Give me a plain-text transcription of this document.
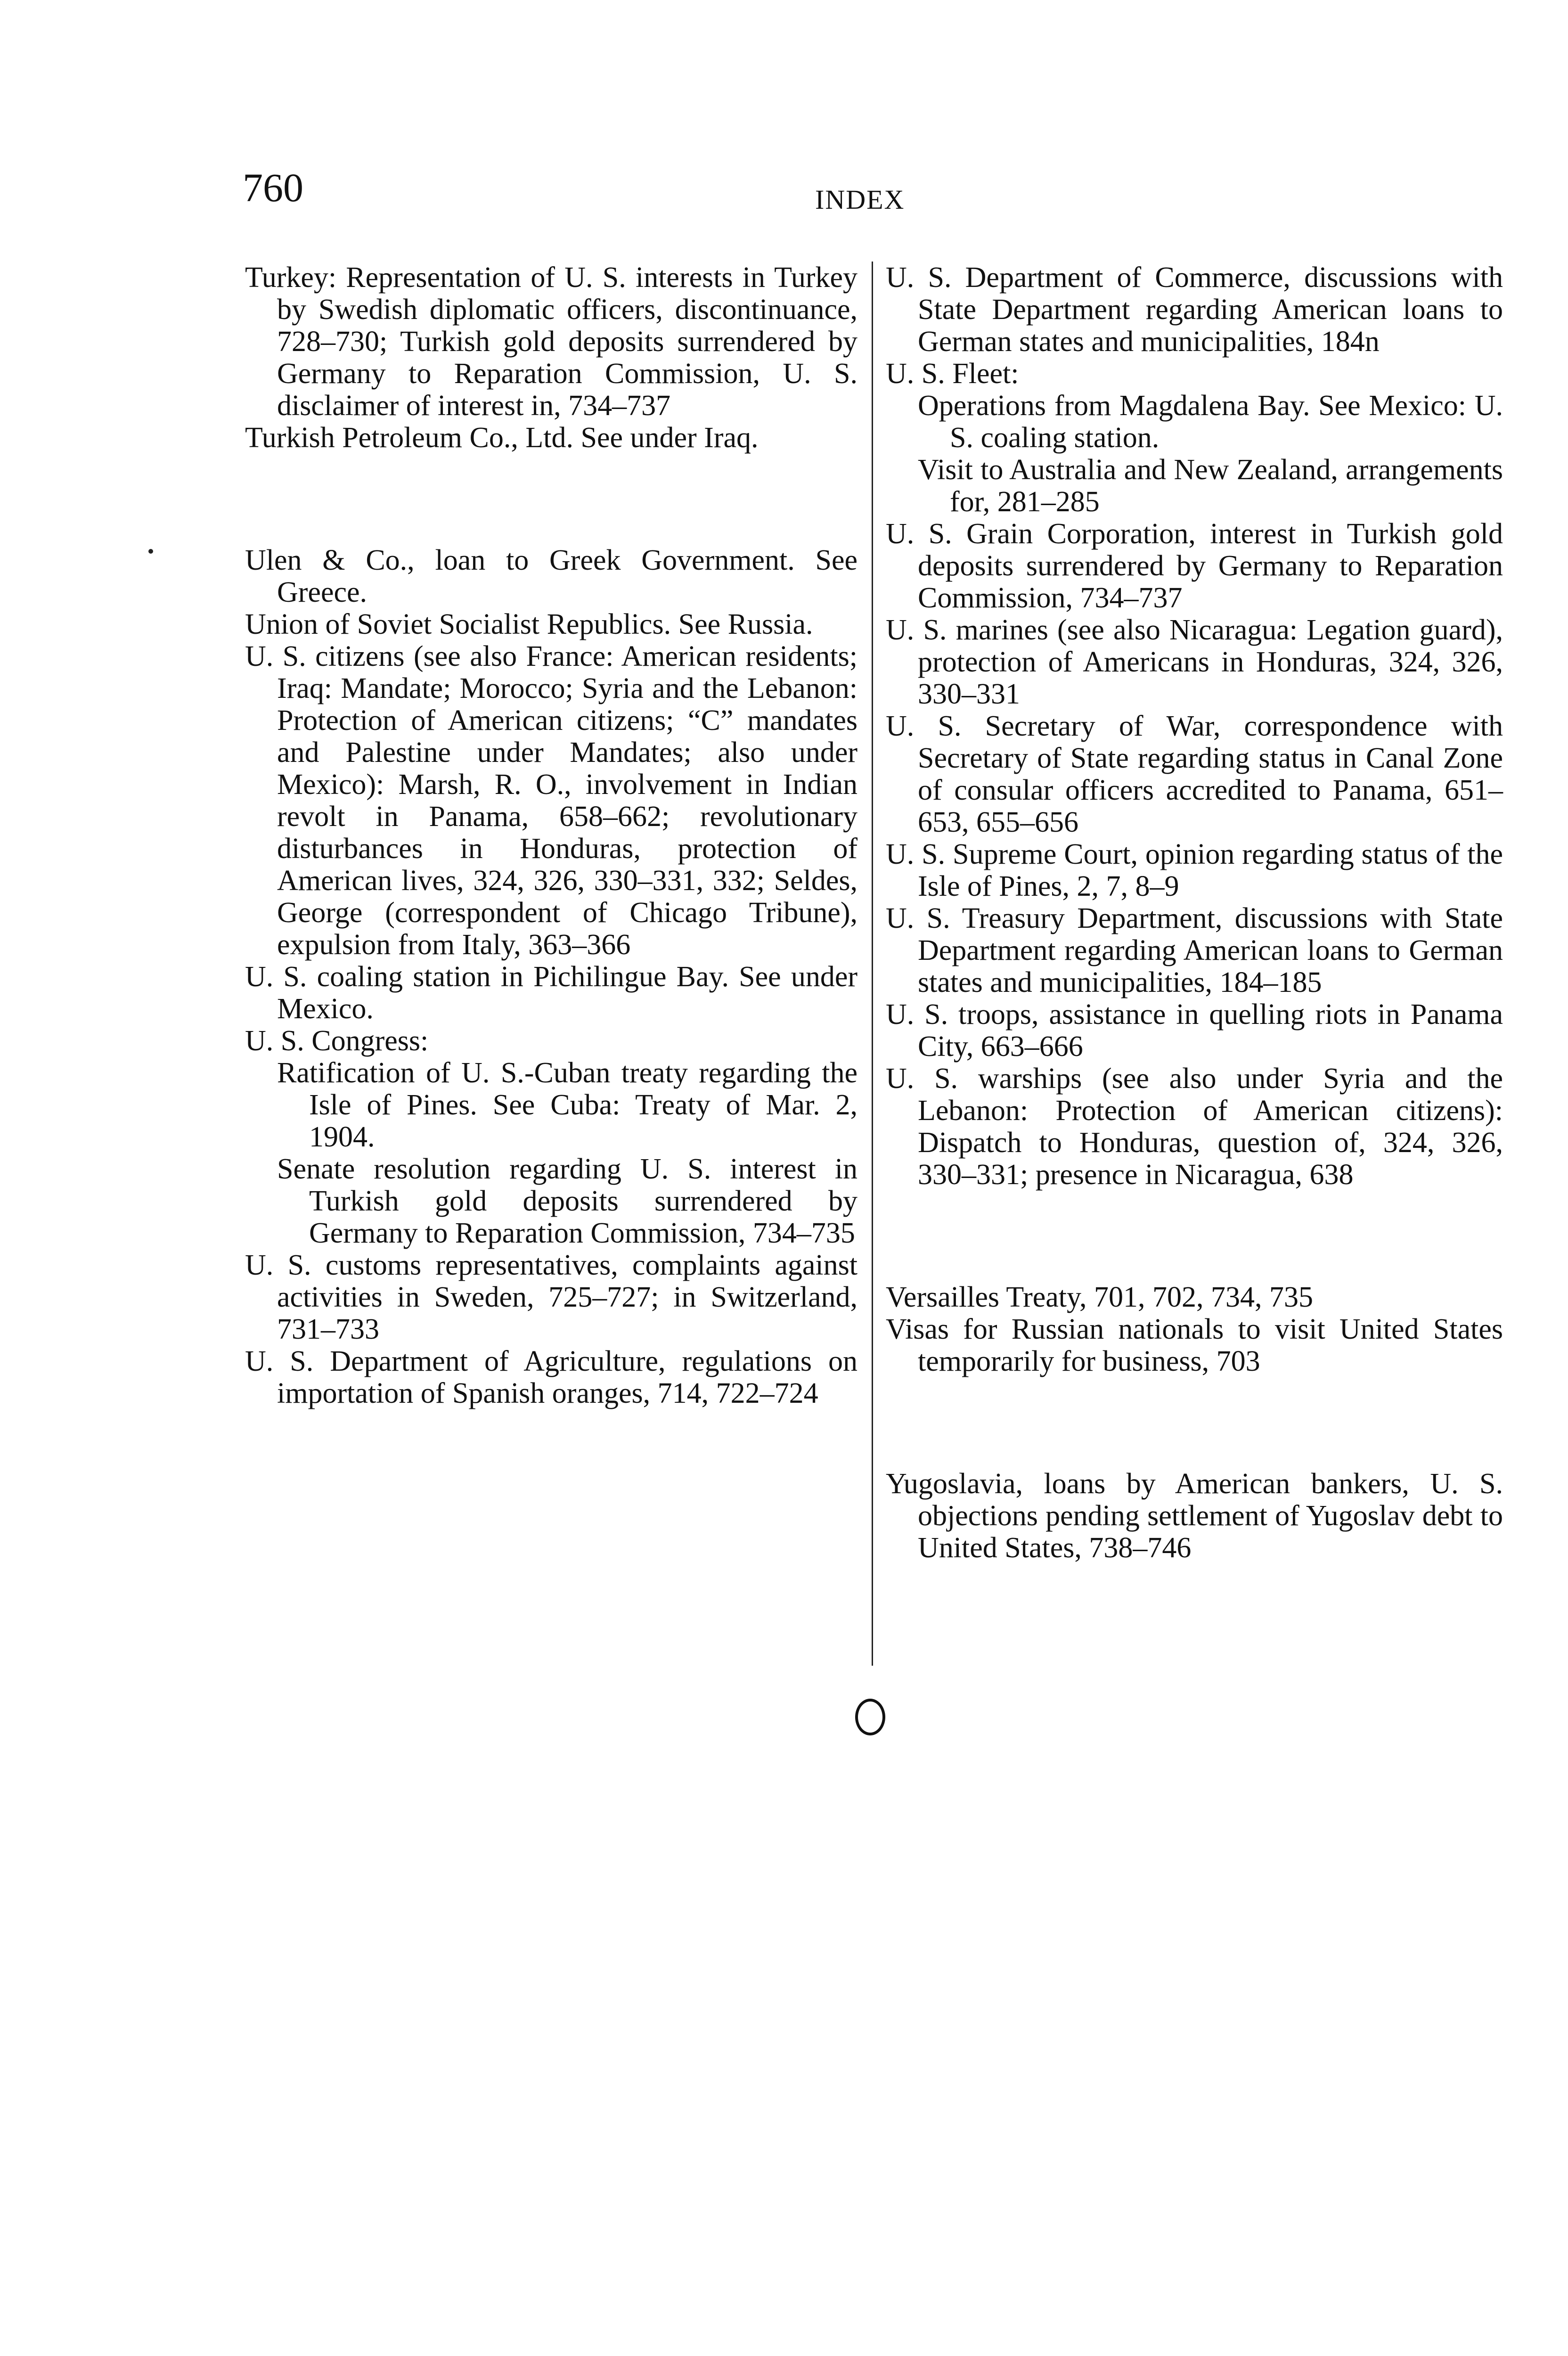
760	INDEX

Turkey: Representation of U. S. interests in Turkey by Swedish diplomatic officers, discontinuance, 728–730; Turkish gold deposits surrendered by Germany to Reparation Commission, U. S. disclaimer of interest in, 734–737

Turkish Petroleum Co., Ltd. See under Iraq.

Ulen & Co., loan to Greek Government. See Greece.

Union of Soviet Socialist Republics. See Russia.

U. S. citizens (see also France: American residents; Iraq: Mandate; Morocco; Syria and the Lebanon: Protection of American citizens; “C” mandates and Palestine under Mandates; also under Mexico): Marsh, R. O., involvement in Indian revolt in Panama, 658–662; revolutionary disturbances in Honduras, protection of American lives, 324, 326, 330–331, 332; Seldes, George (correspondent of Chicago Tribune), expulsion from Italy, 363–366

U. S. coaling station in Pichilingue Bay. See under Mexico.

U. S. Congress:

Ratification of U. S.-Cuban treaty regarding the Isle of Pines. See Cuba: Treaty of Mar. 2, 1904.

Senate resolution regarding U. S. interest in Turkish gold deposits surrendered by Germany to Reparation Commission, 734–735

U. S. customs representatives, complaints against activities in Sweden, 725–727; in Switzerland, 731–733

U. S. Department of Agriculture, regulations on importation of Spanish oranges, 714, 722–724

U. S. Department of Commerce, discussions with State Department regarding American loans to German states and municipalities, 184n

U. S. Fleet:

Operations from Magdalena Bay. See Mexico: U. S. coaling station.

Visit to Australia and New Zealand, arrangements for, 281–285

U. S. Grain Corporation, interest in Turkish gold deposits surrendered by Germany to Reparation Commission, 734–737

U. S. marines (see also Nicaragua: Legation guard), protection of Americans in Honduras, 324, 326, 330–331

U. S. Secretary of War, correspondence with Secretary of State regarding status in Canal Zone of consular officers accredited to Panama, 651–653, 655–656

U. S. Supreme Court, opinion regarding status of the Isle of Pines, 2, 7, 8–9

U. S. Treasury Department, discussions with State Department regarding American loans to German states and municipalities, 184–185

U. S. troops, assistance in quelling riots in Panama City, 663–666

U. S. warships (see also under Syria and the Lebanon: Protection of American citizens): Dispatch to Honduras, question of, 324, 326, 330–331; presence in Nicaragua, 638

Versailles Treaty, 701, 702, 734, 735

Visas for Russian nationals to visit United States temporarily for business, 703

Yugoslavia, loans by American bankers, U. S. objections pending settlement of Yugoslav debt to United States, 738–746
